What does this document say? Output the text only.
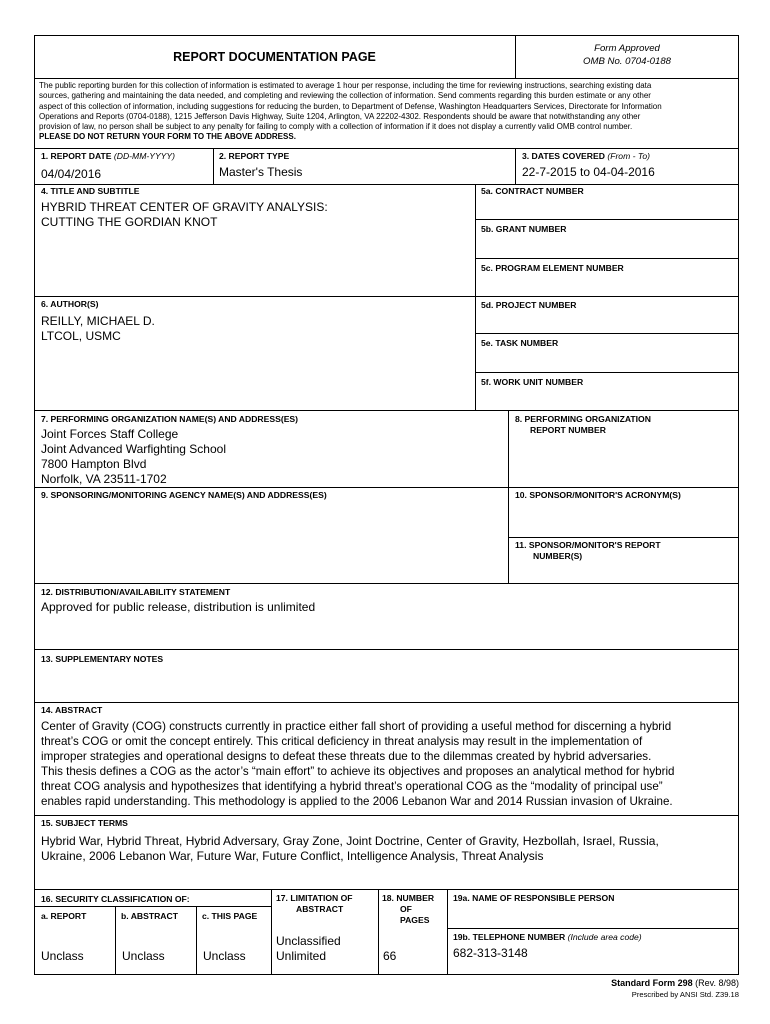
REPORT DOCUMENTATION PAGE
Form Approved
OMB No. 0704-0188
The public reporting burden for this collection of information is estimated to average 1 hour per response, including the time for reviewing instructions, searching existing data
sources, gathering and maintaining the data needed, and completing and reviewing the collection of information. Send comments regarding this burden estimate or any other
aspect of this collection of information, including suggestions for reducing the burden, to Department of Defense, Washington Headquarters Services, Directorate for Information
Operations and Reports (0704-0188), 1215 Jefferson Davis Highway, Suite 1204, Arlington, VA 22202-4302. Respondents should be aware that notwithstanding any other
provision of law, no person shall be subject to any penalty for failing to comply with a collection of information if it does not display a currently valid OMB control number.
PLEASE DO NOT RETURN YOUR FORM TO THE ABOVE ADDRESS.
1. REPORT DATE (DD-MM-YYYY)
04/04/2016
2. REPORT TYPE
Master's Thesis
3. DATES COVERED (From - To)
22-7-2015 to 04-04-2016
4. TITLE AND SUBTITLE
HYBRID THREAT CENTER OF GRAVITY ANALYSIS:
CUTTING THE GORDIAN KNOT
5a. CONTRACT NUMBER
5b. GRANT NUMBER
5c. PROGRAM ELEMENT NUMBER
6. AUTHOR(S)
REILLY, MICHAEL D.
LTCOL, USMC
5d. PROJECT NUMBER
5e. TASK NUMBER
5f. WORK UNIT NUMBER
7. PERFORMING ORGANIZATION NAME(S) AND ADDRESS(ES)
Joint Forces Staff College
Joint Advanced Warfighting School
7800 Hampton Blvd
Norfolk, VA 23511-1702
8. PERFORMING ORGANIZATION
REPORT NUMBER
9. SPONSORING/MONITORING AGENCY NAME(S) AND ADDRESS(ES)	10. SPONSOR/MONITOR'S ACRONYM(S)
11. SPONSOR/MONITOR'S REPORT
NUMBER(S)
12. DISTRIBUTION/AVAILABILITY STATEMENT
Approved for public release, distribution is unlimited
13. SUPPLEMENTARY NOTES
14. ABSTRACT
Center of Gravity (COG) constructs currently in practice either fall short of providing a useful method for discerning a hybrid
threat’s COG or omit the concept entirely. This critical deficiency in threat analysis may result in the implementation of
improper strategies and operational designs to defeat these threats due to the dilemmas created by hybrid adversaries.
This thesis defines a COG as the actor’s “main effort” to achieve its objectives and proposes an analytical method for hybrid
threat COG analysis and hypothesizes that identifying a hybrid threat’s operational COG as the “modality of principal use”
enables rapid understanding. This methodology is applied to the 2006 Lebanon War and 2014 Russian invasion of Ukraine.
15. SUBJECT TERMS
Hybrid War, Hybrid Threat, Hybrid Adversary, Gray Zone, Joint Doctrine, Center of Gravity, Hezbollah, Israel, Russia,
Ukraine, 2006 Lebanon War, Future War, Future Conflict, Intelligence Analysis, Threat Analysis
16. SECURITY CLASSIFICATION OF:
a. REPORT	b. ABSTRACT	c. THIS PAGE
Unclass	Unclass	Unclass
17. LIMITATION OF
ABSTRACT
Unclassified
Unlimited
18. NUMBER
OF
PAGES
66
19a. NAME OF RESPONSIBLE PERSON
19b. TELEPHONE NUMBER (Include area code)
682-313-3148
Standard Form 298 (Rev. 8/98)
Prescribed by ANSI Std. Z39.18
